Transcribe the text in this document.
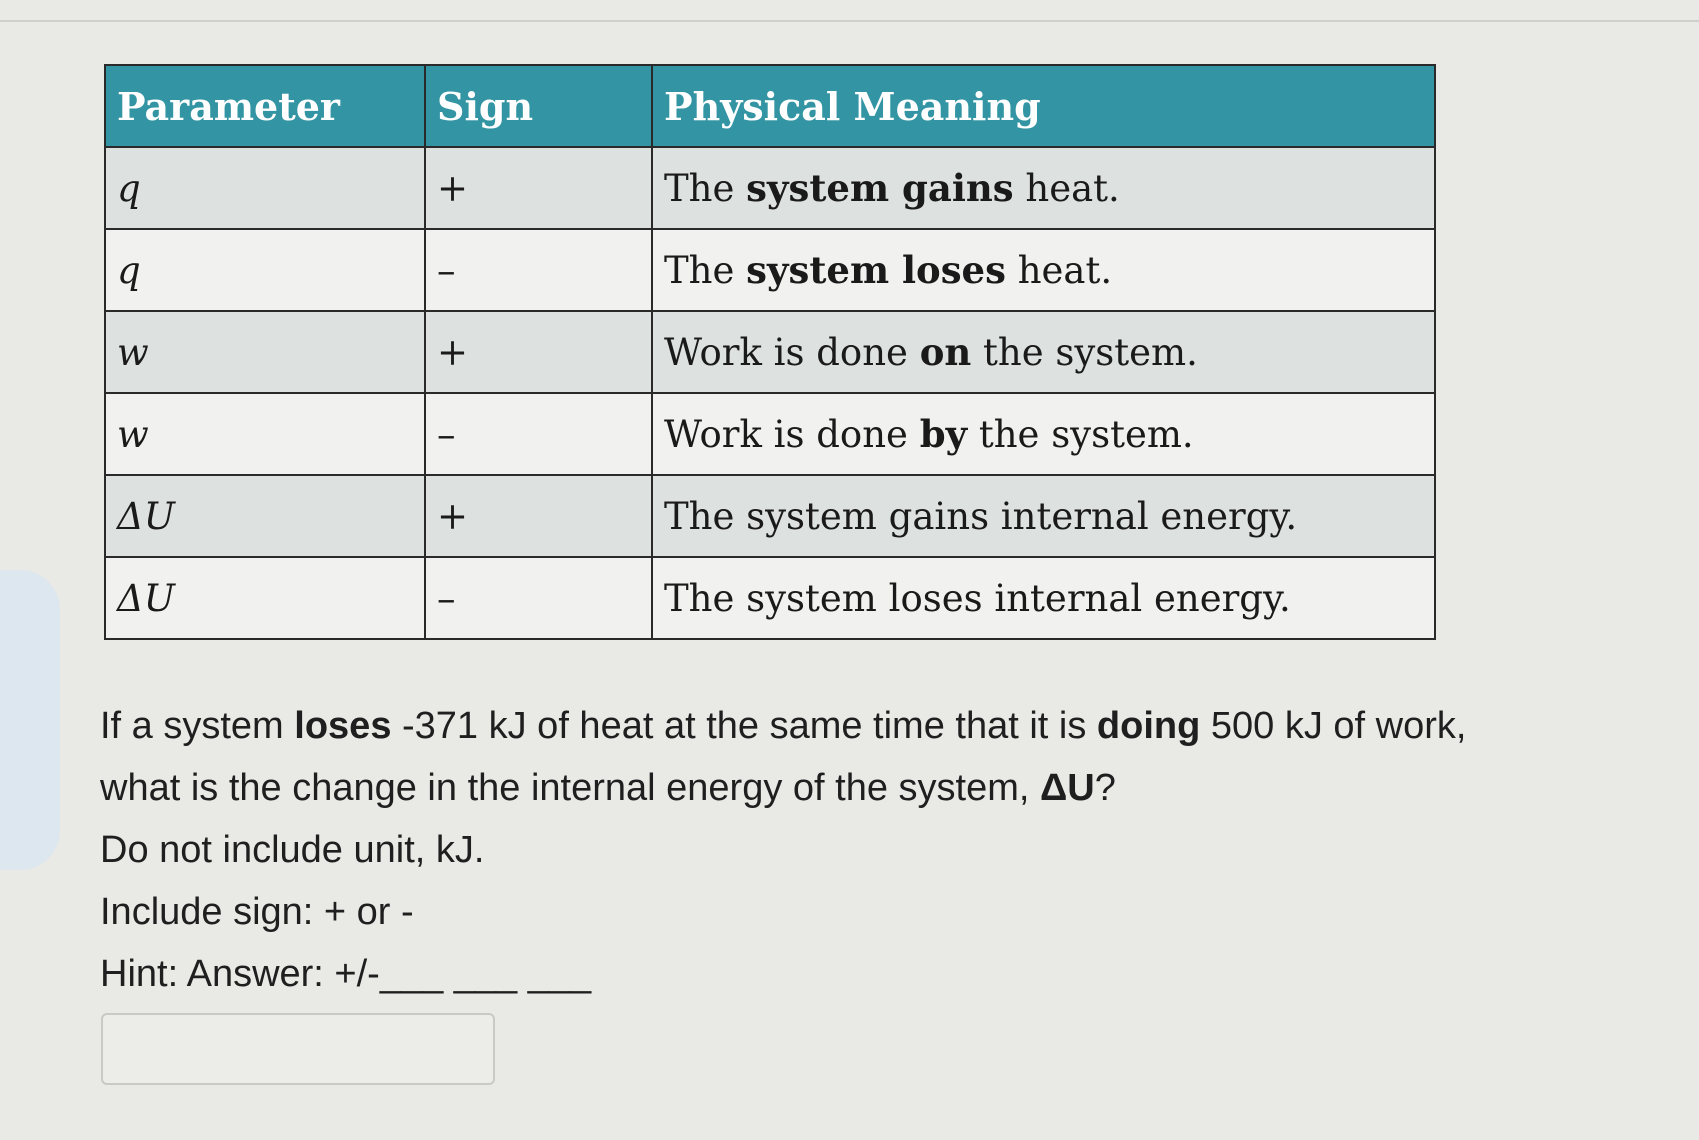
Parameter	Sign	Physical Meaning
q	+	The system gains heat.
q	–	The system loses heat.
w	+	Work is done on the system.
w	–	Work is done by the system.
ΔU	+	The system gains internal energy.
ΔU	–	The system loses internal energy.

If a system loses -371 kJ of heat at the same time that it is doing 500 kJ of work,

what is the change in the internal energy of the system, ΔU?

Do not include unit, kJ.

Include sign: + or -

Hint: Answer: +/-___ ___ ___
